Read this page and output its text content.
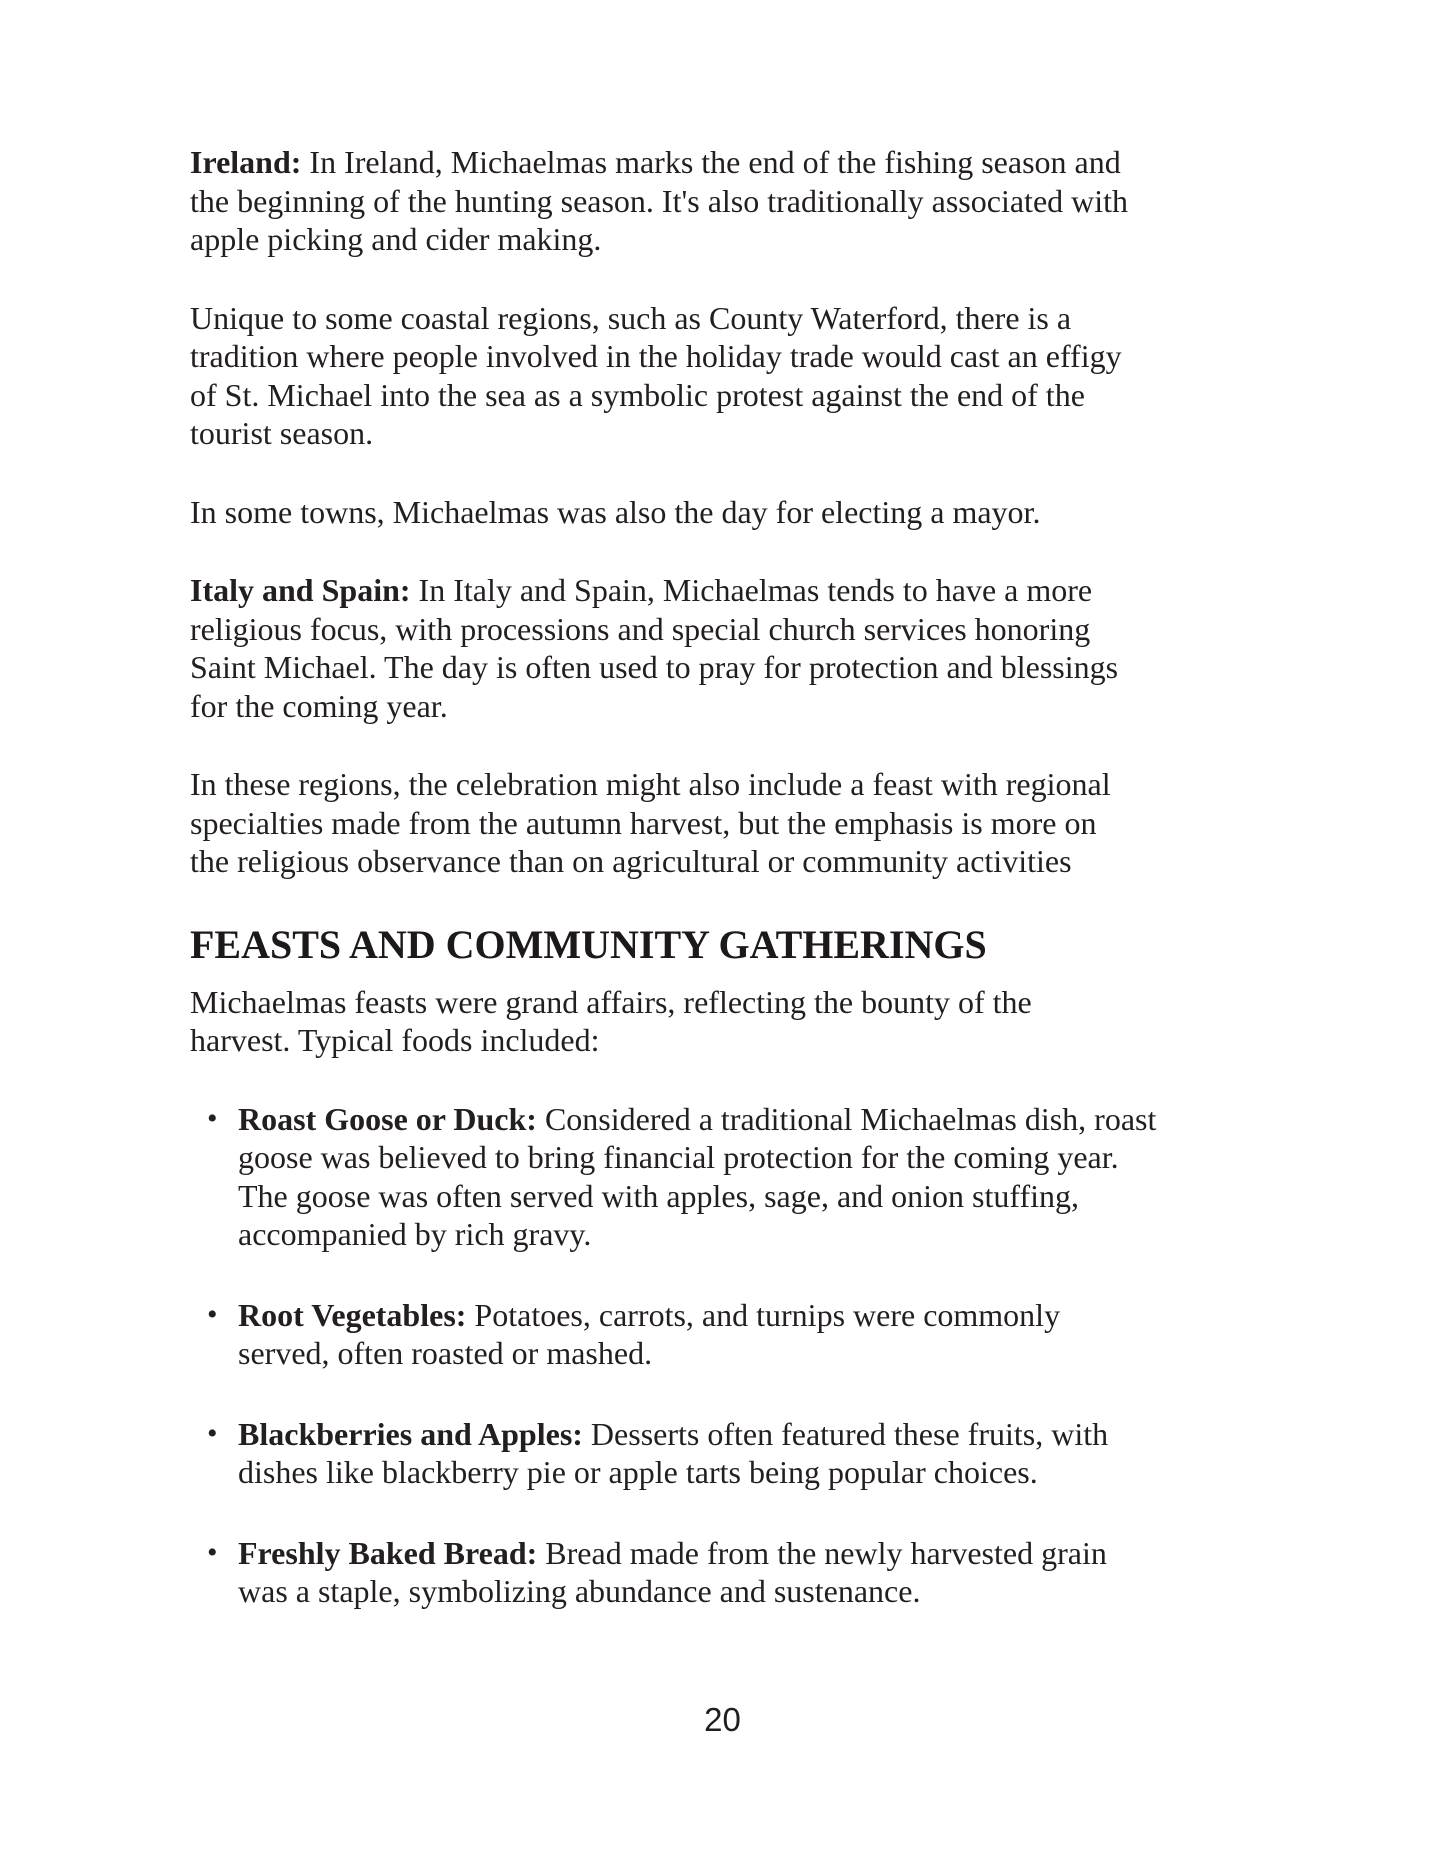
Ireland: In Ireland, Michaelmas marks the end of the fishing season and
the beginning of the hunting season. It's also traditionally associated with
apple picking and cider making.

Unique to some coastal regions, such as County Waterford, there is a
tradition where people involved in the holiday trade would cast an effigy
of St. Michael into the sea as a symbolic protest against the end of the
tourist season.

In some towns, Michaelmas was also the day for electing a mayor.

Italy and Spain: In Italy and Spain, Michaelmas tends to have a more
religious focus, with processions and special church services honoring
Saint Michael. The day is often used to pray for protection and blessings
for the coming year.

In these regions, the celebration might also include a feast with regional
specialties made from the autumn harvest, but the emphasis is more on
the religious observance than on agricultural or community activities

FEASTS AND COMMUNITY GATHERINGS

Michaelmas feasts were grand affairs, reflecting the bounty of the
harvest. Typical foods included:

• Roast Goose or Duck: Considered a traditional Michaelmas dish, roast
goose was believed to bring financial protection for the coming year.
The goose was often served with apples, sage, and onion stuffing,
accompanied by rich gravy.
• Root Vegetables: Potatoes, carrots, and turnips were commonly
served, often roasted or mashed.
• Blackberries and Apples: Desserts often featured these fruits, with
dishes like blackberry pie or apple tarts being popular choices.
• Freshly Baked Bread: Bread made from the newly harvested grain
was a staple, symbolizing abundance and sustenance.
20
